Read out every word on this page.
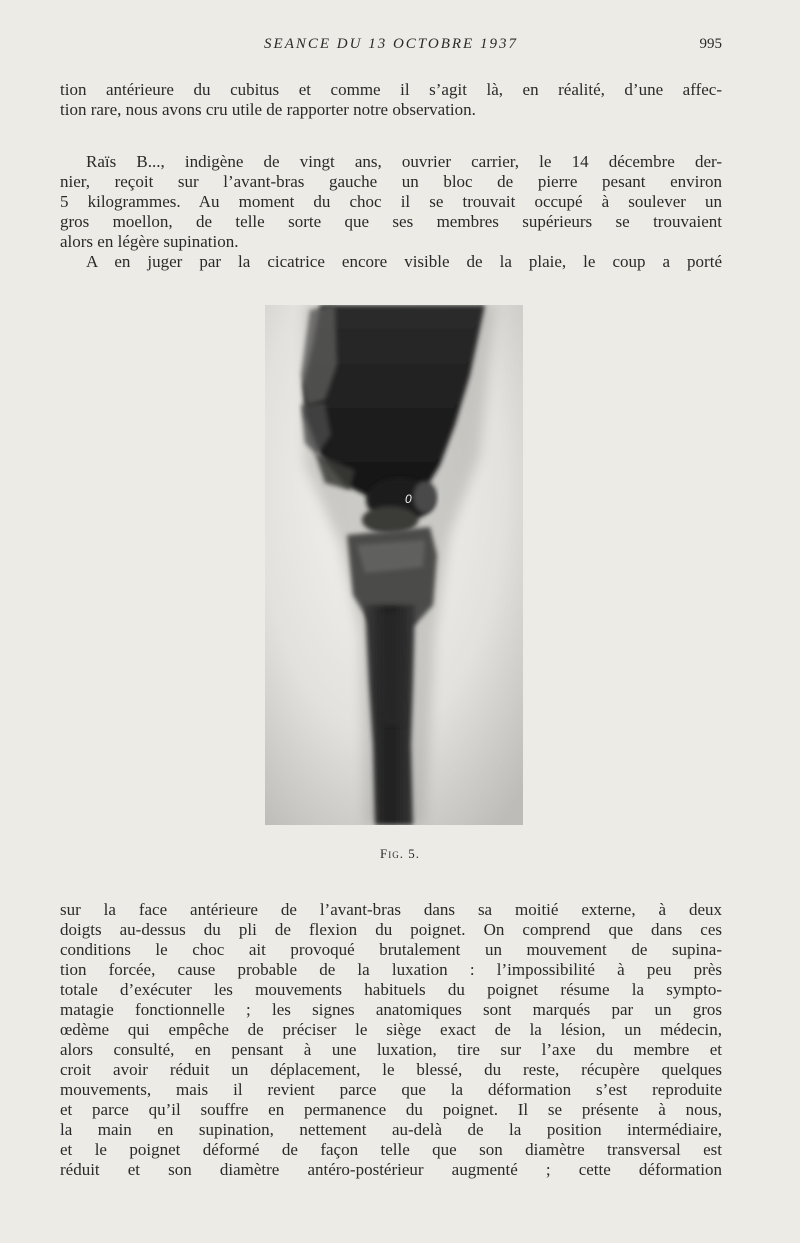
SEANCE DU 13 OCTOBRE 1937	995
tion antérieure du cubitus et comme il s’agit là, en réalité, d’une affec-
tion rare, nous avons cru utile de rapporter notre observation.
Raïs B..., indigène de vingt ans, ouvrier carrier, le 14 décembre der-
nier, reçoit sur l’avant-bras gauche un bloc de pierre pesant environ
5 kilogrammes. Au moment du choc il se trouvait occupé à soulever un
gros moellon, de telle sorte que ses membres supérieurs se trouvaient
alors en légère supination.
A en juger par la cicatrice encore visible de la plaie, le coup a porté
0
Fig. 5.
sur la face antérieure de l’avant-bras dans sa moitié externe, à deux
doigts au-dessus du pli de flexion du poignet. On comprend que dans ces
conditions le choc ait provoqué brutalement un mouvement de supina-
tion forcée, cause probable de la luxation : l’impossibilité à peu près
totale d’exécuter les mouvements habituels du poignet résume la sympto-
matagie fonctionnelle ; les signes anatomiques sont marqués par un gros
œdème qui empêche de préciser le siège exact de la lésion, un médecin,
alors consulté, en pensant à une luxation, tire sur l’axe du membre et
croit avoir réduit un déplacement, le blessé, du reste, récupère quelques
mouvements, mais il revient parce que la déformation s’est reproduite
et parce qu’il souffre en permanence du poignet. Il se présente à nous,
la main en supination, nettement au-delà de la position intermédiaire,
et le poignet déformé de façon telle que son diamètre transversal est
réduit et son diamètre antéro-postérieur augmenté ; cette déformation
